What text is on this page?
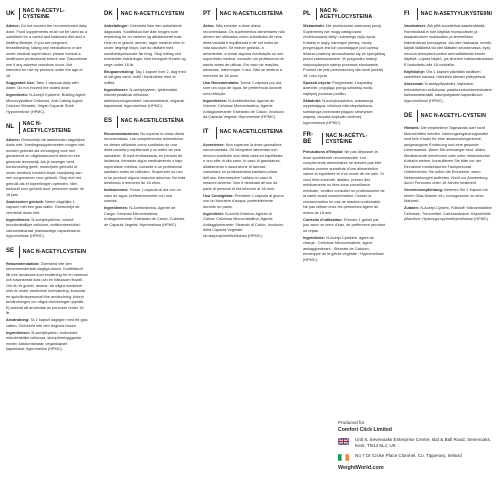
UK NAC N-ACETYL-CYSTEINE

Advice: Do not exceed the recommended daily dose. Food supplements must not be used as a substitute for a varied and balanced diet and a healthy lifestyle. If you are pregnant, breastfeeding, taking any medications or are under medical supervision, please consult a healthcare professional before use. Discontinue use if any adverse reactions occur. Not intended for use by persons under the age of 18.

Suggested Use: Take 1 capsual daily with water. Do not exceed the stated dose.

Ingredients: N-Acetyl Cysteine, Bulking Agent: Microcrystalline Cellulose, Anti-Caking Agent: Calcium Stearate, Vegan Capsule Shell: Hypromellose (HPMC).

NL	NAC N-ACETYLCYSTEINE

Advies: Overschrijd de aanbevolen dagelijkse dosis niet. Voedingssupplementen mogen niet worden gebruikt als vervanging voor een gevarieerd en uitgebalanceerd dieet en een gezonde levensstijl. Als je zwanger bent, borstvoeding geeft, medicijnen gebruikt of onder medisch toezicht staat, raadpleeg dan een zorgverlener voor gebruik. Stop met het gebruik als er bijwerkingen optreden. Niet bedoeld voor gebruik door personen onder de 18 jaar.

Aanbevolen gebruik: Neem dagelijks 1 capsule met een glas water. Overschrijd de vermelde dosis niet.

Ingrediënten: N-acetylcysteïne, vulstof: microkristallijne cellulose, antiklontermiddel: calciumstearaat, plantaardige capsulewand: hypromellose (HPMC).

SE	NAC N-ACETYLCYSTEIN

Rekommendation: Överskrid inte den rekommenderade dagliga dosen. Kosttillskott får inte användas som ersättning för en varierad och balanserad kost och en hälsosam livsstil. Om du är gravid, ammar, tar några mediciner eller är under medicinsk övervakning, konsulta en sjukvårdspersonal före användning. Avbryt användningen om några biverkningar uppstår. Ej avsedd att användas av personer under 18 år.

Användning: Ta 1 kapsel dagligen med ett glas vatten. Överskrid inte den angivna dosen.

Ingredienser: N-acetylcystein, bulkmedel: mikrokristallin cellulosa, klumpförebyggande medel: kalciumstearat, vegankapsel: kapselskal: hypromellos (HPMC).

DK NAC N-ACETYLCYSTEIN

Anbefalinger: Overskrid ikke den anbefalede dagsdosis. Kosttilskud bør ikke bruges som erstatning for en varieret og afbalanceret kost. Hvis du er gravid, ammer, tager medicin eller er under lægeligt tilsyn, bør du rådføre med sundhedspersonale før brug. Stop indtag ved eventuelle bivirkninger. Ikke beregnet til børn og unge under 18 år.

Brugsanvisning: Tag 1 kapsel hver 2. dag med et lidt glas vand. Indtil i forbindelse med et måltid.

Ingredienser: N-acetylcystein, fyldemiddel: mikrokrystallinsk cellulose, antiklumpningsmiddel: calciumstearat, vegansk kapselskal: hypromellose (HPMC).

ES	NAC N-ACETILCISTEÍNA

Recomendaciones: No superar la dosis diaria recomendada. Los complementos alimenticios no deben utilizarse como sustitutos de una dieta variada y equilibrada y un estilo de vida saludable. Si está embarazada, en periodo de lactancia, tomando algún medicamento o bajo supervisión médica, consulte a un profesional sanitario antes de utilizarlo. Suspender su uso si se produce alguna reacción adversa. No está destinado a menores de 18 años.

Indicaciones: Tomar 1 cápsula al día con un vaso de agua, preferentemente con una comida.

Ingredientes: N-Acetilcisteína, Agente de Carga: Celulosa Microcristalina, Antiaglomerante: Estearato de Calcio, Cubierta de Cápsula Vegetal: Hipromelosa (HPMC).

PT	NAC N-ACETILCISTEÍNA

Aviso: Não exceder a dose diária recomendada. Os suplementos alimentares não devem ser utilizados como substitutos de uma dieta variada e equilibrada e de um estilo de vida saudável. Se estiver grávida, a amamentar, a tomar alguma medicação ou sob supervisão médica, consulte um profissional de saúde antes de utilizar. Em caso de reações adversas, interromper o uso. Não se destina a menores de 18 anos.

Uso Recomendado: Tomar 1 cápsula por dia com um copo de água, de preferência durante uma refeição.

Ingredientes: N-Acetilcisteína, Agente de Volume: Celulose Microcristalina, Agente Antiaglomerante: Estearato de Cálcio, Invólucro da Cápsula Vegetal: Hipromelose (HPMC).

IT	NAC N-ACETILCISTEINA

Avvertenze: Non superare la dose giornaliera raccomandata. Gli integratori alimentari non devono sostituire una dieta varia ed equilibrata e uno stile di vita sano. In caso di gravidanza, allattamento o assunzione di farmaci, consultare un professionista sanitario prima dell'uso. Interrompere l'utilizzo in caso di reazioni avverse. Non è destinato all'uso da parte di persone di età inferiore ai 18 anni.

Uso Consigliato: Prendere 1 capsula al giorno con un bicchiere d'acqua, preferibilmente durante un pasto.

Ingredienti: N-Acetil-Cisteina, Agente di Carica: Cellulosa Microcristallina, Agente Antiagglomerante: Stearato di Calcio, Involucro della Capsula Vegetale: Idrossipropilmetilcellulosa (HPMC).

PL	NAC N-ACETYLOCYSTEINA

Wskazówki: Nie przekraczać zalecanej porcji. Suplementy nie mogą zastępować zróżnicowanej diety i zdrowego stylu życia. Kobiety w ciąży, karmiące piersią, osoby przyjmujące leki lub pozostające pod opieką lekarza powinny skonsultować się ze specjalistą przed zastosowaniem. W przypadku reakcji niepożądanych należy przerwać stosowanie. Produkt nie jest przeznaczony dla osób poniżej 18. roku życia.

Sposób użycia: Przyjmować 1 kapsułkę dziennie, popijając porcją szklanką wody, najlepiej podczas posiłku.

Składniki: N-acetylocysteina, substancja wypełniająca: celuloza mikrokrystaliczna, substancja przeciwzbrylająca: stearynian wapnia, otoczka kapsułki roślinnej: hypromeloza (HPMC).

FR-BE
NAC N-ACÉTYL-CYSTÉINE

Précautions d'Emploi: Ne pas dépasser la dose quotidienne recommandée. Les compléments alimentaires ne doivent pas être utilisés comme substituts d'une alimentation variée et équilibrée et d'un mode de vie sain. Si vous êtes enceinte, allaitez, prenez des médicaments ou êtes sous surveillance médicale, veuillez consulter un professionnel de la santé avant consommation. Cesser la consommation en cas de réaction indésirable. Ne pas utiliser chez les personnes âgées de moins de 18 ans.

Conseils d'utilisation: Prendre 1 gélule par jour avec un verre d'eau, de préférence pendant un repas.

Ingrédients: N-Acétyl-Cystéine, agent de charge : Cellulose Microcristalline, agent antiagglomérant : Stéarate de Calcium, enveloppe de la gélule végétale : Hypromellose (HPMC).

FI	NAC N-ASETYYLIKYSTEIINI

Varoitukset: Älä ylitä suositeltua saantimäärää. Ravintolisää ei tule käyttää monipuolisen ja tasapainoisen ruokavalion ja terveellisen elämäntavan korvaajana. Jos olet raskaana, imetät, käytät lääkkeitä tai olet lääkärin seurannassa, kysy neuvoa terveydenhuollon ammattilaiselta ennen käyttöä. Lopeta käyttö, jos ilmenee haittavaikutuksia. Ei tarkoitettu alle 18-vuotiaille.

Käyttöohje: Ota 1 kapseli päivittäin lasillisen vedellisen kanssa, mieluiten aterian yhteydessä.

Ainesosat: N-asetyylikysteiini, täyteaine: mikrokiteinen selluloosa, paakkuuntumisenestoaine: kalsiumstearaatti, kasvipohjainen kapselikuori: hypromelloosi (HPMC).

DE	NAC N-ACETYL-CYSTEIN

Hinweis: Die empfohlene Tagesdosis darf nicht überschritten werden. Nahrungsergänzungsmittel sind kein Ersatz für eine abwechslungsreiche, ausgewogene Ernährung und eine gesunde Lebensweise. Wenn Sie schwanger sind, stillen, Medikamente einnehmen oder unter medizinischer Aufsicht stehen, konsultieren Sie bitte vor der Einnahme medizinisches Fachpersonal. Unterbrechen Sie sofort die Einnahme, wenn Nebenwirkungen auftreten. Nicht zur Anwendung durch Personen unter 18 Jahren bestimmt.

Verzehrsempfehlung: Nehmen Sie 1 Kapsel mit einem Glas Wasser ein, vorzugsweise zu einer Mahlzeit.

Zutaten: N-Acetyl-Cystein, Füllstoff: Mikrokristalline Cellulose, Trennmittel: Calciumstearat, Kapselhülle pflanzlich: Hydroxypropylmethylcellulose (HPMC).

Produced for
Comfort Click Limited
Unit 8, Sevenoaks Enterprise Centre, Bat & Ball Road, Sevenoaks, Kent, TN14 5LJ, UK
No 7 Dr Croke Place Clonmel, Co. Tipperary, Ireland
WeightWorld.com
